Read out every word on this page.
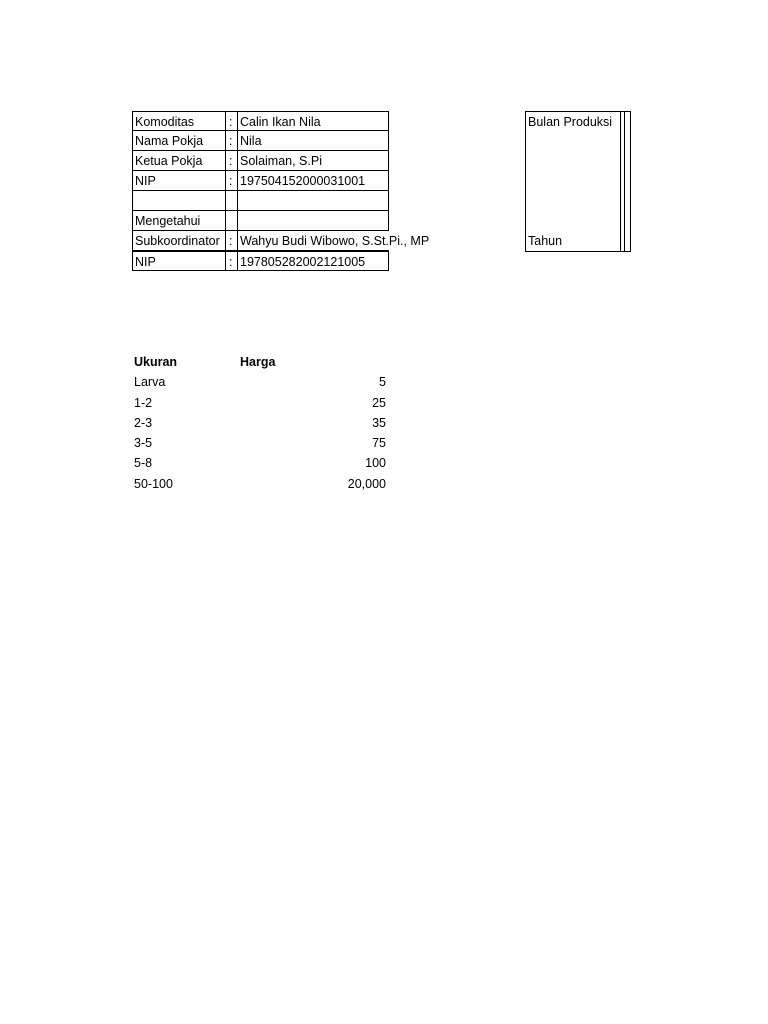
Komoditas	: Calin Ikan Nila
Nama Pokja	: Nila
Ketua Pokja	: Solaiman, S.Pi
NIP	: 197504152000031001
Mengetahui
Subkoordinator : Wahyu Budi Wibowo, S.St.Pi., MP
NIP	: 197805282002121005
Bulan Produksi
Tahun
Ukuran	Harga
Larva	5
1-2	25
2-3	35
3-5	75
5-8	100
50-100	20,000
